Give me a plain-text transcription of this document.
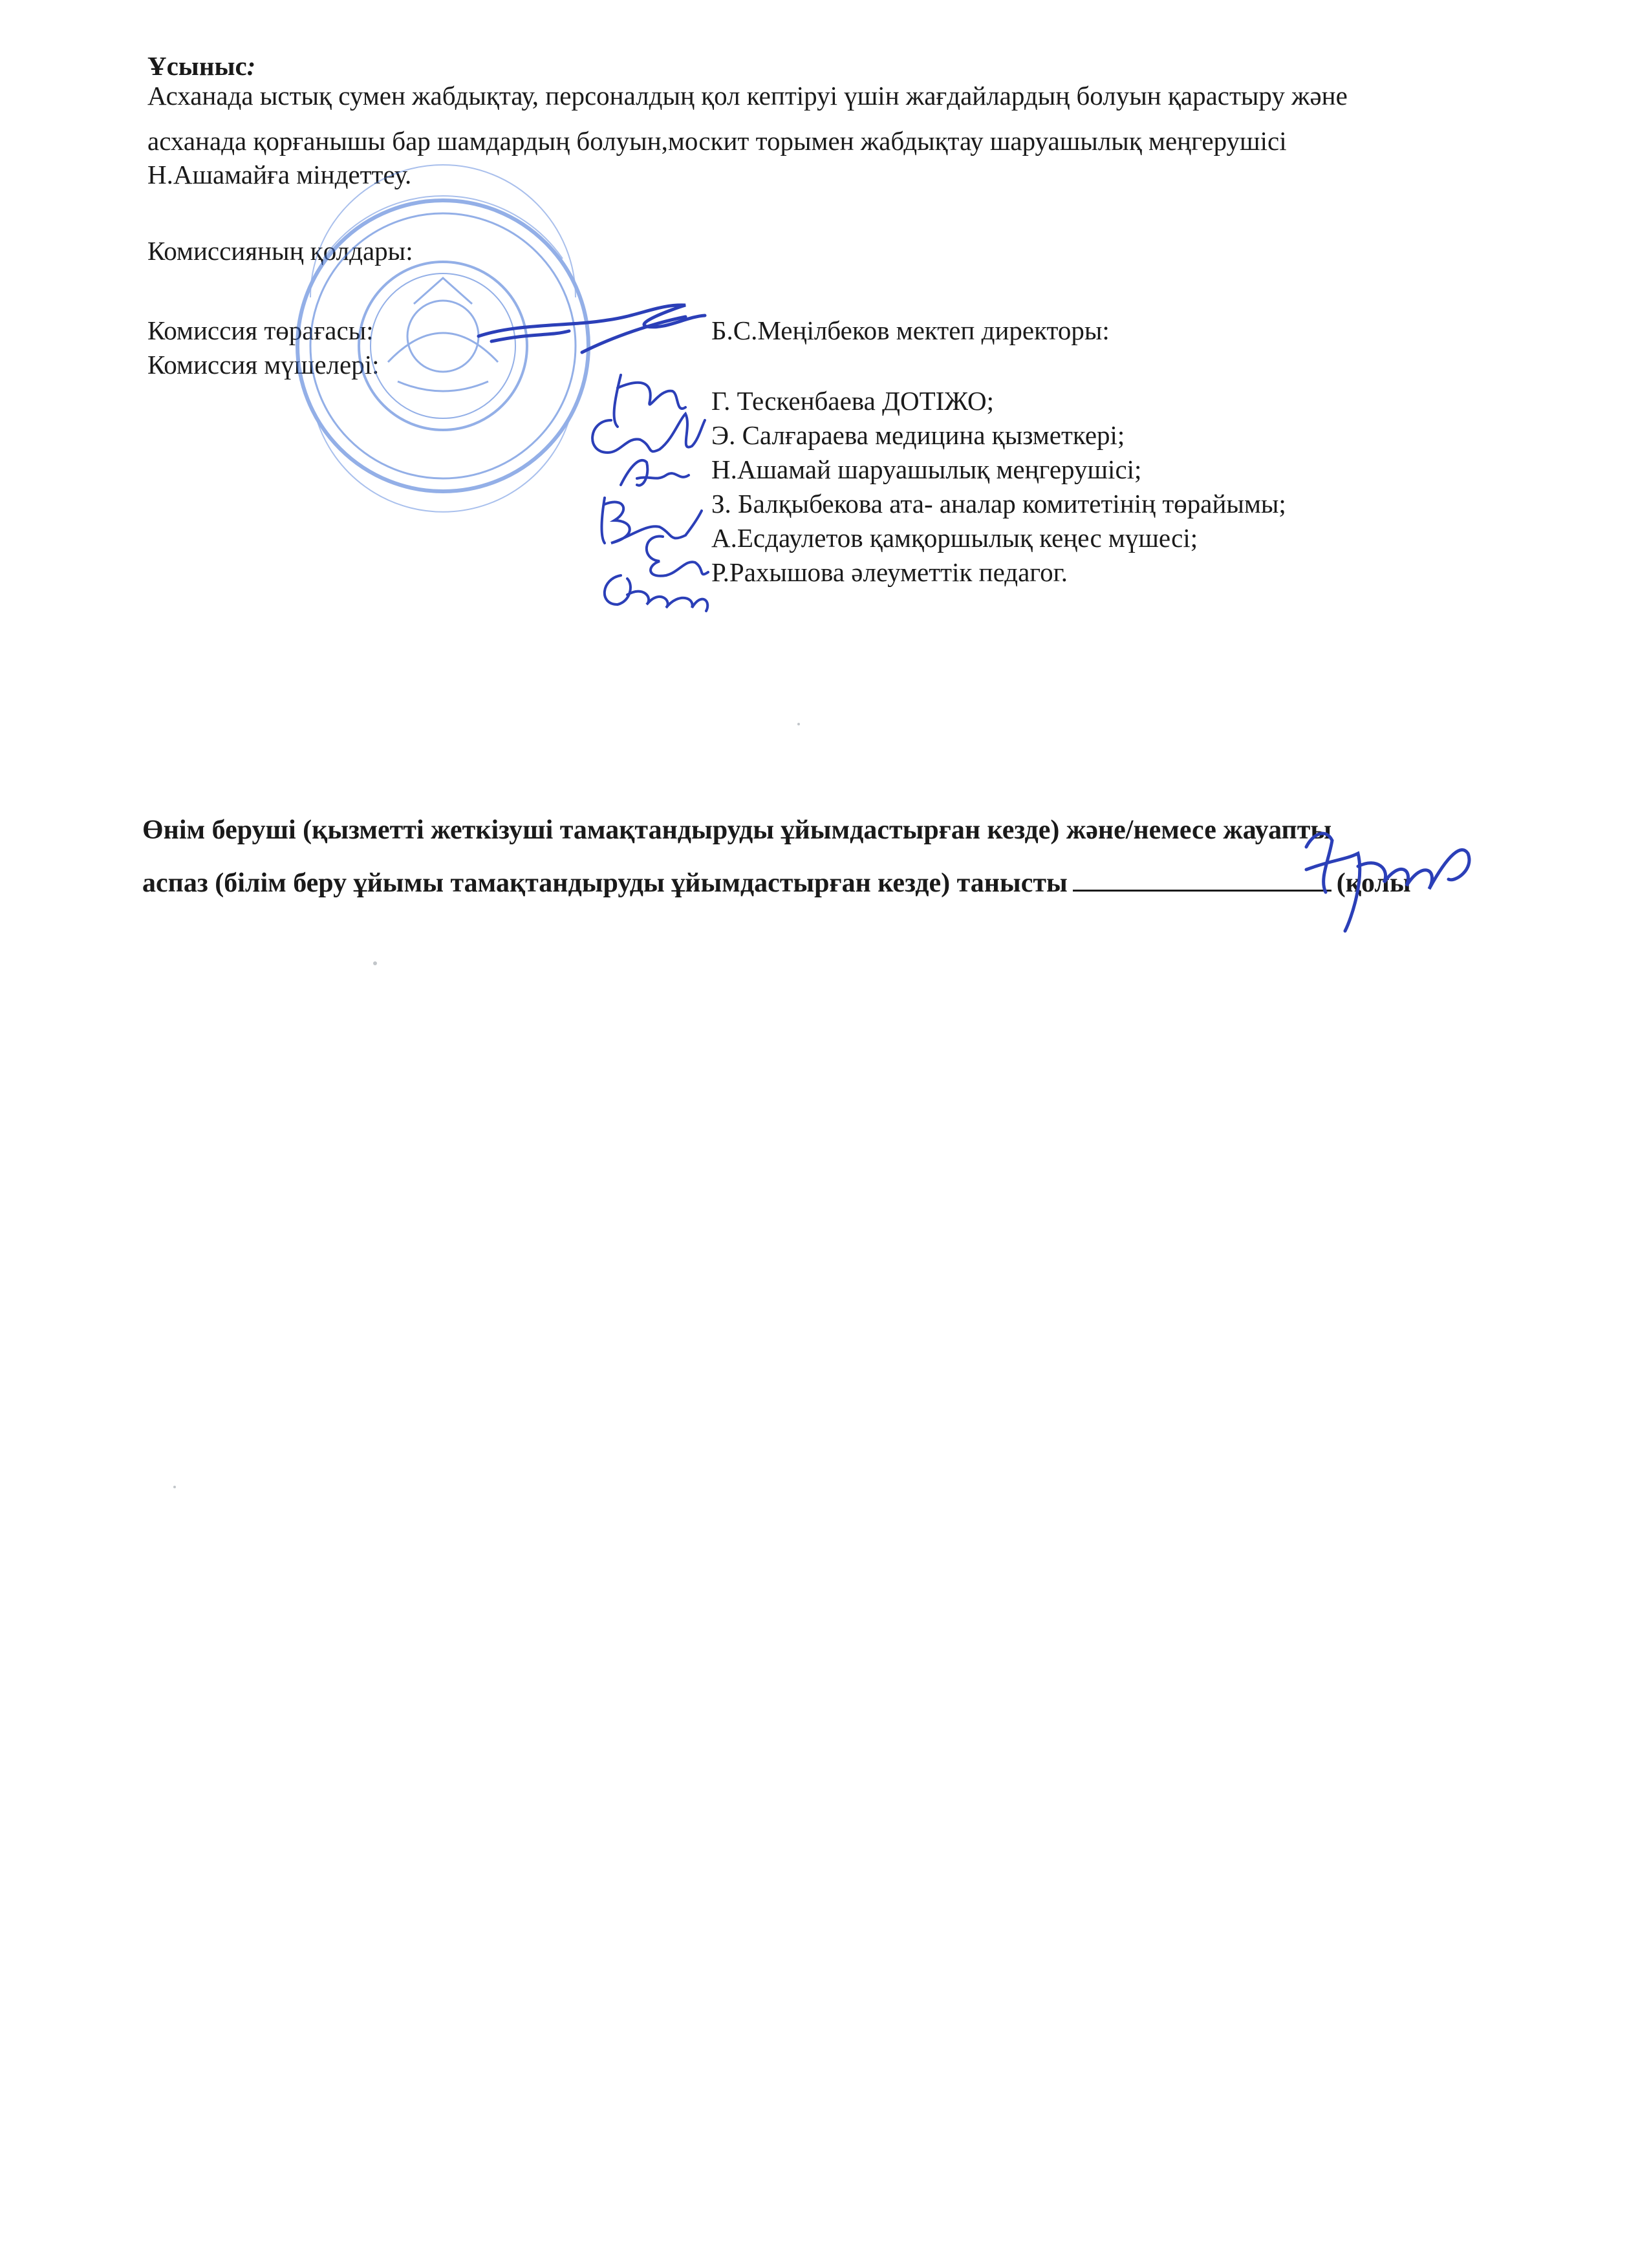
Ұсыныс:
Асханада ыстық сумен жабдықтау, персоналдың қол кептіруі үшін жағдайлардың болуын қарастыру және
асханада қорғанышы бар шамдардың болуын,москит торымен жабдықтау шаруашылық меңгерушісі
Н.Ашамайға міндеттеу.
Комиссияның қолдары:
Комиссия төрағасы:
Комиссия мүшелері:
Б.С.Меңілбеков мектеп директоры:
Г. Тескенбаева ДОТІЖО;
Э. Салғараева медицина қызметкері;
Н.Ашамай шаруашылық меңгерушісі;
З. Балқыбекова ата- аналар комитетінің төрайымы;
А.Есдаулетов қамқоршылық кеңес мүшесі;
Р.Рахышова әлеуметтік педагог.
Өнім беруші (қызметті жеткізуші тамақтандыруды ұйымдастырған кезде) және/немесе жауапты
аспаз (білім беру ұйымы тамақтандыруды ұйымдастырған кезде) танысты	(қолы
